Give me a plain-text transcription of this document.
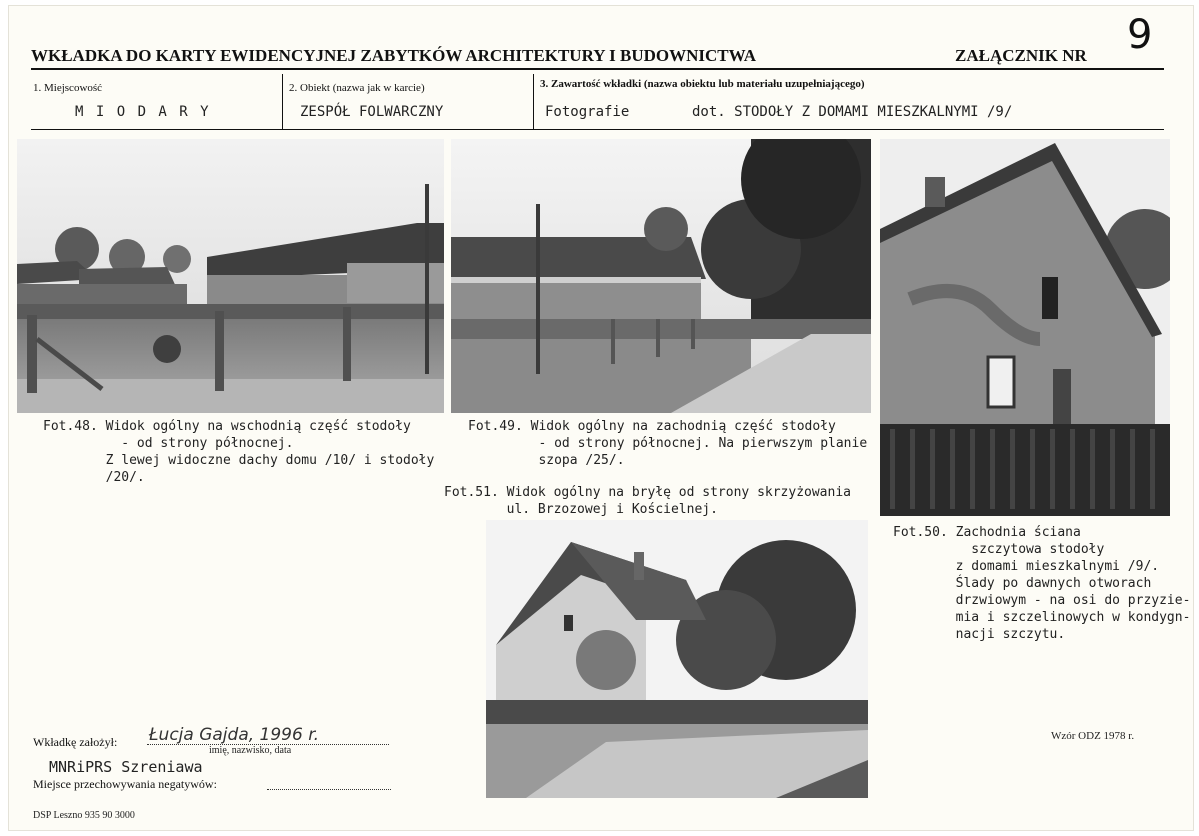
WKŁADKA DO KARTY EWIDENCYJNEJ ZABYTKÓW ARCHITEKTURY I BUDOWNICTWA	ZAŁĄCZNIK NR 9
1. Miejscowość
M I O D A R Y
2. Obiekt (nazwa jak w karcie)
ZESPÓŁ FOLWARCZNY
3. Zawartość wkładki (nazwa obiektu lub materiału uzupełniającego)
Fotografie	dot. STODOŁY Z DOMAMI MIESZKALNYMI /9/
Fot.48. Widok ogólny na wschodnią część stodoły
- od strony północnej.
Z lewej widoczne dachy domu /10/ i stodoły
/20/.
Fot.49. Widok ogólny na zachodnią część stodoły
- od strony północnej. Na pierwszym planie
szopa /25/.
Fot.51. Widok ogólny na bryłę od strony skrzyżowania
ul. Brzozowej i Kościelnej.
Fot.50. Zachodnia ściana
szczytowa stodoły
z domami mieszkalnymi /9/.
Ślady po dawnych otworach
drzwiowym - na osi do przyzie-
mia i szczelinowych w kondygn-
nacji szczytu.
Wkładkę założył: Łucja Gajda, 1996 r.
imię, nazwisko, data
MNRiPRS Szreniawa
Miejsce przechowywania negatywów:
DSP Leszno 935 90 3000
Wzór ODZ 1978 r.
